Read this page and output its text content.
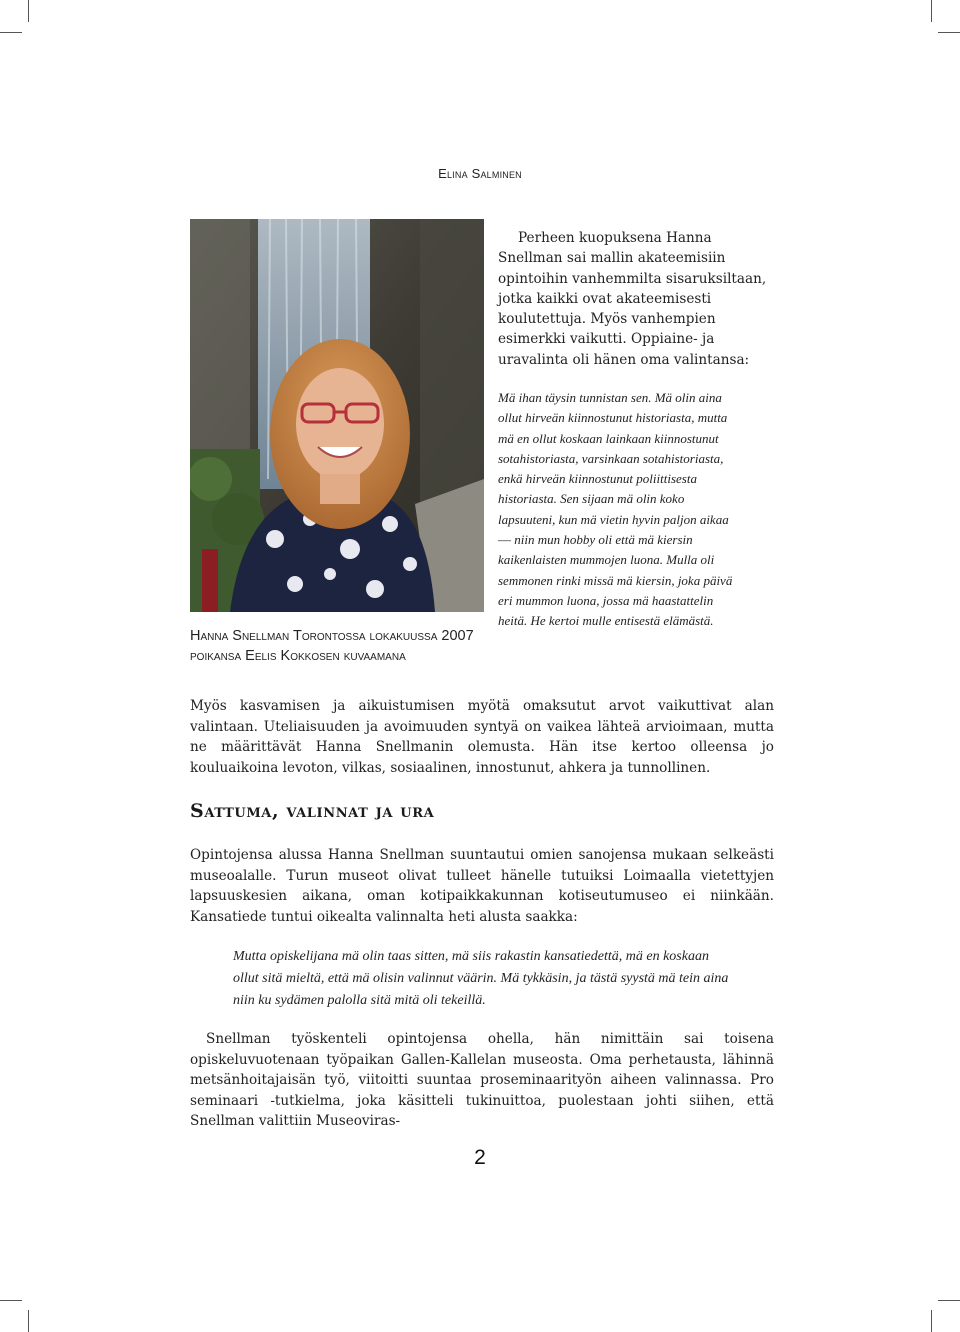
Elina Salminen
Hanna Snellman Torontossa lokakuussa 2007
poikansa Eelis Kokkosen kuvaamana
Perheen kuopuksena Hanna Snellman sai mallin akateemisiin opintoihin vanhemmilta sisaruksiltaan, jotka kaikki ovat akateemisesti koulutettuja. Myös vanhempien esimerkki vaikutti. Oppiaine- ja uravalinta oli hänen oma valintansa:
Mä ihan täysin tunnistan sen. Mä olin aina ollut hirveän kiinnostunut historiasta, mutta mä en ollut koskaan lainkaan kiinnostunut sotahistoriasta, varsinkaan sotahistoriasta, enkä hirveän kiinnostunut poliittisesta historiasta. Sen sijaan mä olin koko lapsuuteni, kun mä vietin hyvin paljon aikaa –– niin mun hobby oli että mä kiersin kaikenlaisten mummojen luona. Mulla oli semmonen rinki missä mä kiersin, joka päivä eri mummon luona, jossa mä haastattelin heitä. He kertoi mulle entisestä elämästä.

Myös kasvamisen ja aikuistumisen myötä omaksutut arvot vaikuttivat alan valintaan. Uteliaisuuden ja avoimuuden syntyä on vaikea lähteä arvioimaan, mutta ne määrittävät Hanna Snellmanin olemusta. Hän itse kertoo olleensa jo kouluaikoina levoton, vilkas, sosiaalinen, innostunut, ahkera ja tunnollinen.

Sattuma, valinnat ja ura

Opintojensa alussa Hanna Snellman suuntautui omien sanojensa mukaan selkeästi museoalalle. Turun museot olivat tulleet hänelle tutuiksi Loimaalla vietettyjen lapsuuskesien aikana, oman kotipaikkakunnan kotiseutumuseo ei niinkään. Kansatiede tuntui oikealta valinnalta heti alusta saakka:

Mutta opiskelijana mä olin taas sitten, mä siis rakastin kansatiedettä, mä en koskaan ollut sitä mieltä, että mä olisin valinnut väärin. Mä tykkäsin, ja tästä syystä mä tein aina niin ku sydämen palolla sitä mitä oli tekeillä.

Snellman työskenteli opintojensa ohella, hän nimittäin sai toisena opiskeluvuotenaan työpaikan Gallen-Kallelan museosta. Oma perhetausta, lähinnä metsänhoitajaisän työ, viitoitti suuntaa proseminaarityön aiheen valinnassa. Pro seminaari -tutkielma, joka käsitteli tukinuittoa, puolestaan johti siihen, että Snellman valittiin Museoviras-

2
